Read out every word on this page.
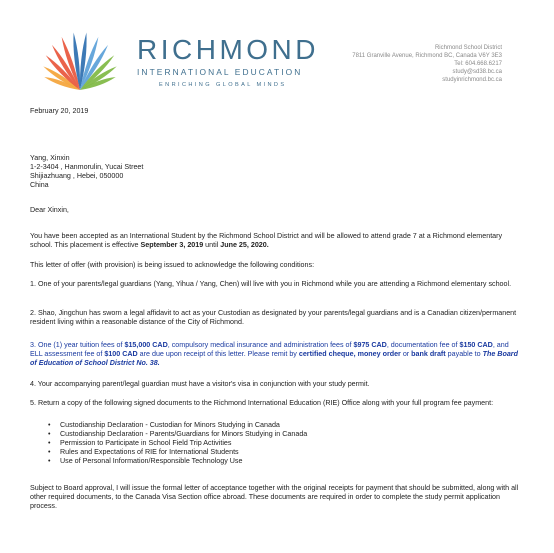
RICHMOND
INTERNATIONAL EDUCATION
ENRICHING GLOBAL MINDS
Richmond School District
7811 Granville Avenue, Richmond BC, Canada V6Y 3E3
Tel: 604.668.6217
study@sd38.bc.ca
studyinrichmond.bc.ca
February 20, 2019
Yang, Xinxin
1-2-3404 , Hanmorulin, Yucai Street
Shijiazhuang , Hebei, 050000
China
Dear Xinxin,

You have been accepted as an International Student by the Richmond School District and will be allowed to attend grade 7 at a Richmond elementary school. This placement is effective September 3, 2019 until June 25, 2020.

This letter of offer (with provision) is being issued to acknowledge the following conditions:

1. One of your parents/legal guardians (Yang, Yihua / Yang, Chen) will live with you in Richmond while you are attending a Richmond elementary school.

2. Shao, Jingchun has sworn a legal affidavit to act as your Custodian as designated by your parents/legal guardians and is a Canadian citizen/permanent resident living within a reasonable distance of the City of Richmond.

3. One (1) year tuition fees of $15,000 CAD, compulsory medical insurance and administration fees of $975 CAD, documentation fee of $150 CAD, and ELL assessment fee of $100 CAD are due upon receipt of this letter. Please remit by certified cheque, money order or bank draft payable to The Board of Education of School District No. 38.

4. Your accompanying parent/legal guardian must have a visitor's visa in conjunction with your study permit.

5. Return a copy of the following signed documents to the Richmond International Education (RIE) Office along with your full program fee payment:

• Custodianship Declaration - Custodian for Minors Studying in Canada
• Custodianship Declaration - Parents/Guardians for Minors Studying in Canada
• Permission to Participate in School Field Trip Activities
• Rules and Expectations of RIE for International Students
• Use of Personal Information/Responsible Technology Use

Subject to Board approval, I will issue the formal letter of acceptance together with the original receipts for payment that should be submitted, along with all other required documents, to the Canada Visa Section office abroad. These documents are required in order to complete the study permit application process.
